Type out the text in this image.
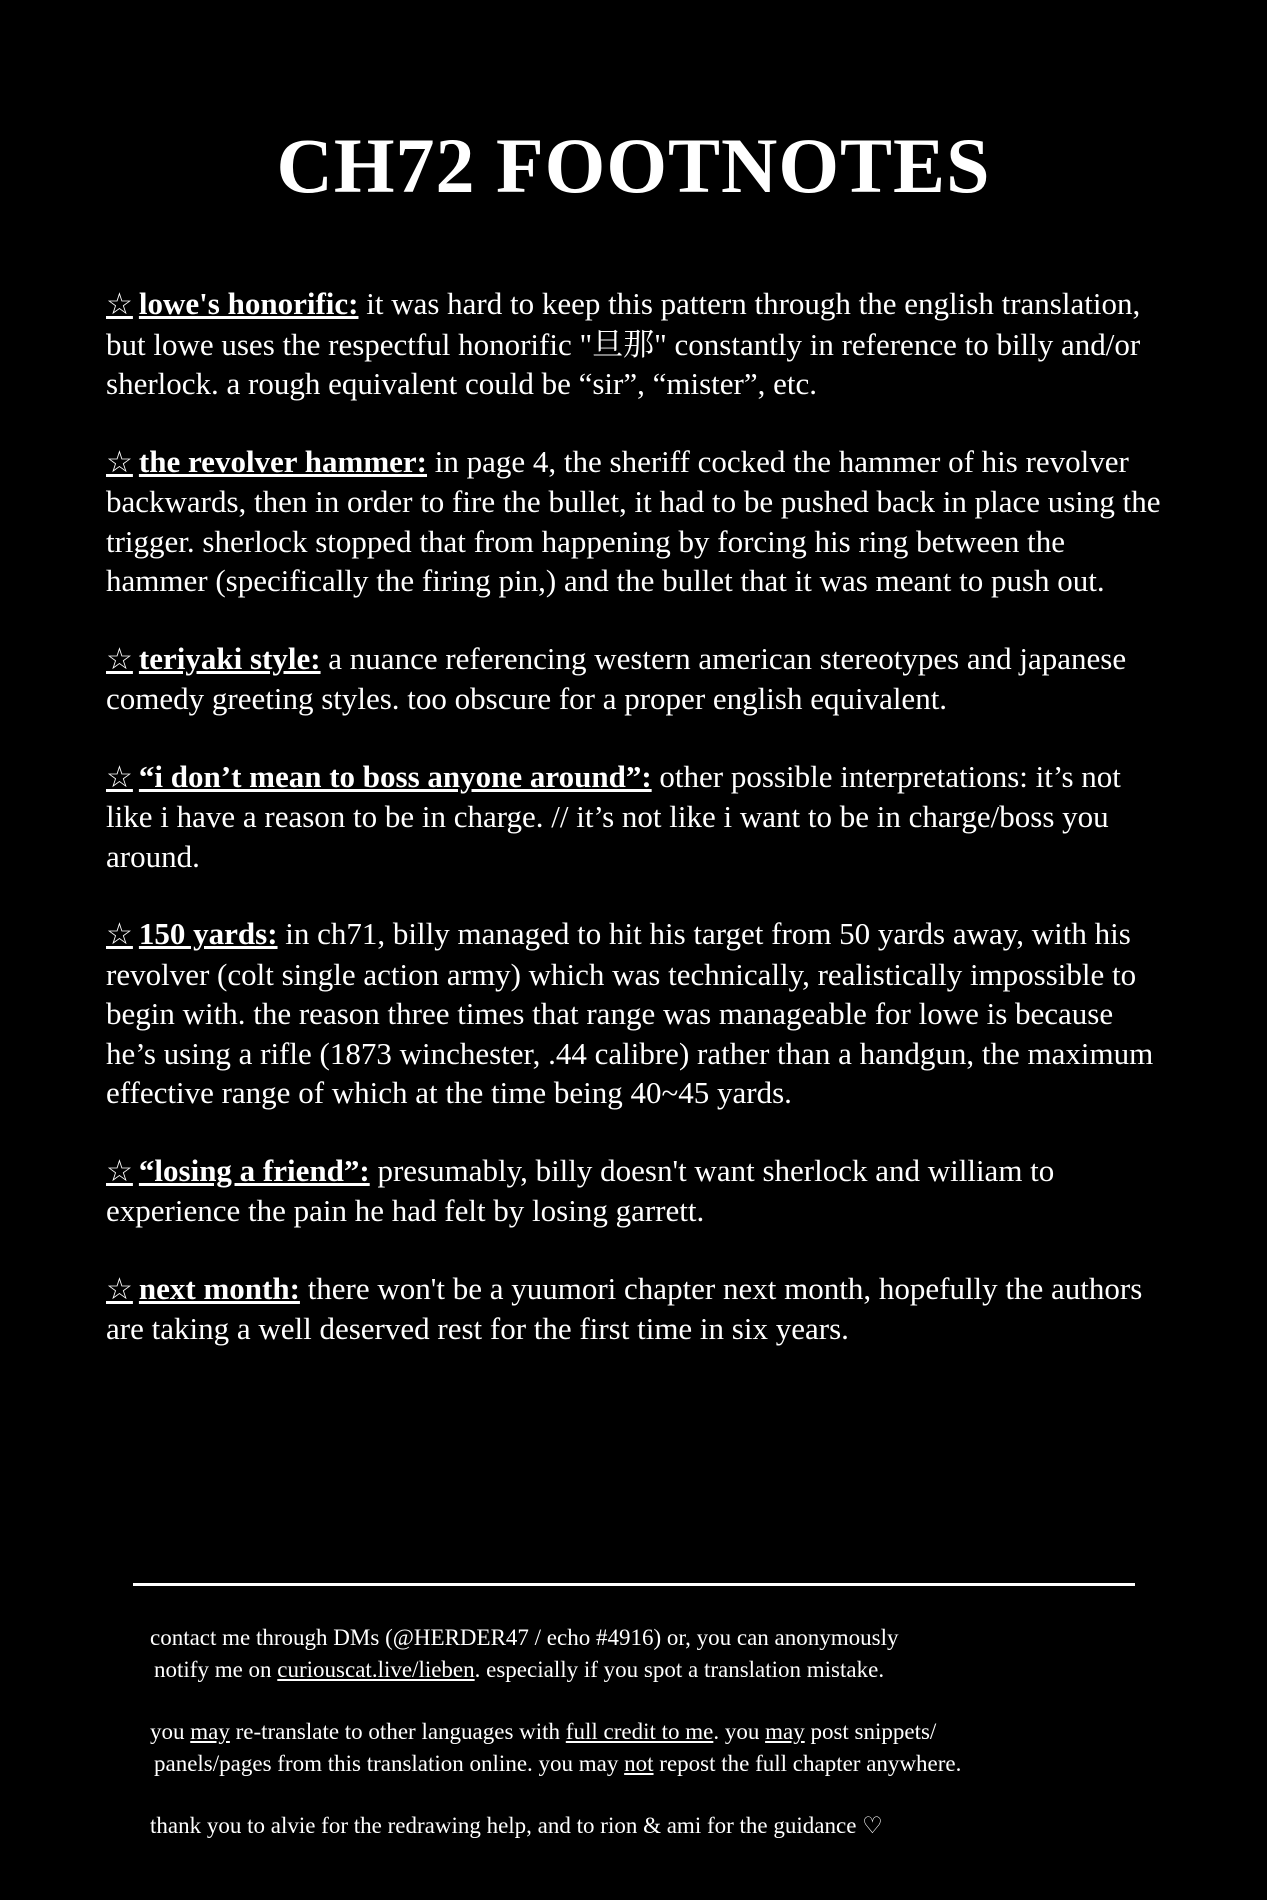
CH72 FOOTNOTES
☆ lowe's honorific: it was hard to keep this pattern through the english translation, but lowe uses the respectful honorific "旦那" constantly in reference to billy and/or sherlock. a rough equivalent could be “sir”, “mister”, etc.
☆ the revolver hammer: in page 4, the sheriff cocked the hammer of his revolver backwards, then in order to fire the bullet, it had to be pushed back in place using the trigger. sherlock stopped that from happening by forcing his ring between the hammer (specifically the firing pin,) and the bullet that it was meant to push out.
☆ teriyaki style: a nuance referencing western american stereotypes and japanese comedy greeting styles. too obscure for a proper english equivalent.
☆ “i don’t mean to boss anyone around”: other possible interpretations: it’s not like i have a reason to be in charge. // it’s not like i want to be in charge/boss you around.
☆ 150 yards: in ch71, billy managed to hit his target from 50 yards away, with his revolver (colt single action army) which was technically, realistically impossible to begin with. the reason three times that range was manageable for lowe is because he’s using a rifle (1873 winchester, .44 calibre) rather than a handgun, the maximum effective range of which at the time being 40~45 yards.
☆ “losing a friend”: presumably, billy doesn't want sherlock and william to experience the pain he had felt by losing garrett.
☆ next month: there won't be a yuumori chapter next month, hopefully the authors are taking a well deserved rest for the first time in six years.

contact me through DMs (@HERDER47 / echo #4916) or, you can anonymously
notify me on curiouscat.live/lieben. especially if you spot a translation mistake.

you may re-translate to other languages with full credit to me. you may post snippets/
panels/pages from this translation online. you may not repost the full chapter anywhere.

thank you to alvie for the redrawing help, and to rion & ami for the guidance ♡
